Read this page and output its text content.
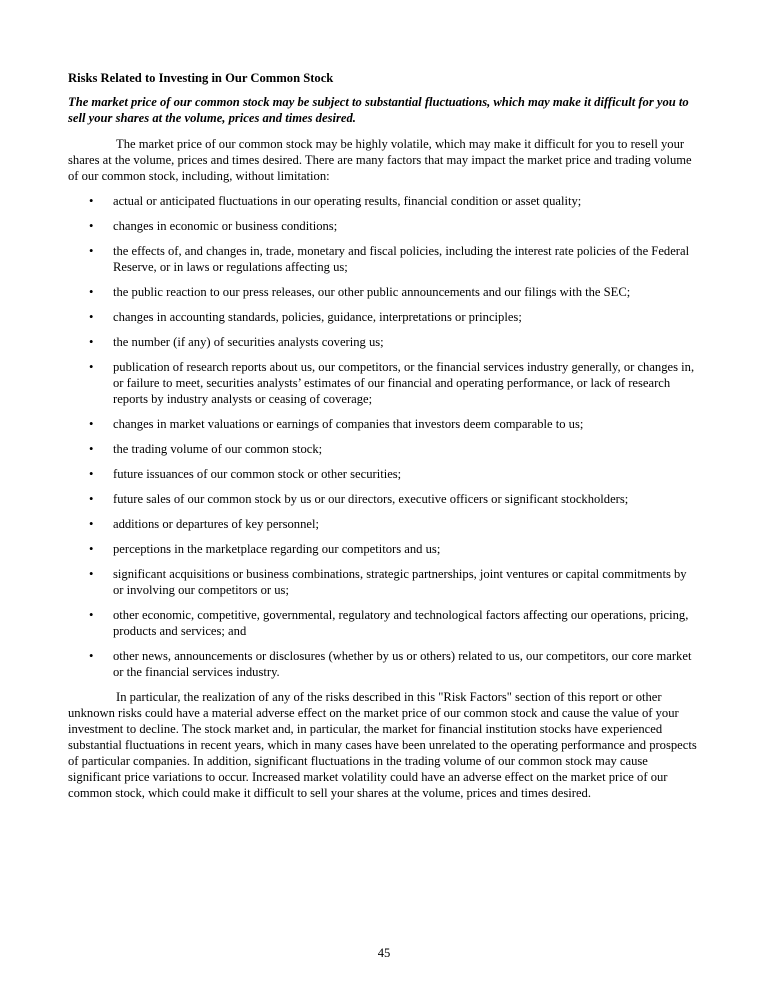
Risks Related to Investing in Our Common Stock

The market price of our common stock may be subject to substantial fluctuations, which may make it difficult for you to sell your shares at the volume, prices and times desired.

The market price of our common stock may be highly volatile, which may make it difficult for you to resell your shares at the volume, prices and times desired. There are many factors that may impact the market price and trading volume of our common stock, including, without limitation:

• actual or anticipated fluctuations in our operating results, financial condition or asset quality;
• changes in economic or business conditions;
• the effects of, and changes in, trade, monetary and fiscal policies, including the interest rate policies of the Federal Reserve, or in laws or regulations affecting us;
• the public reaction to our press releases, our other public announcements and our filings with the SEC;
• changes in accounting standards, policies, guidance, interpretations or principles;
• the number (if any) of securities analysts covering us;
• publication of research reports about us, our competitors, or the financial services industry generally, or changes in, or failure to meet, securities analysts’ estimates of our financial and operating performance, or lack of research reports by industry analysts or ceasing of coverage;
• changes in market valuations or earnings of companies that investors deem comparable to us;
• the trading volume of our common stock;
• future issuances of our common stock or other securities;
• future sales of our common stock by us or our directors, executive officers or significant stockholders;
• additions or departures of key personnel;
• perceptions in the marketplace regarding our competitors and us;
• significant acquisitions or business combinations, strategic partnerships, joint ventures or capital commitments by or involving our competitors or us;
• other economic, competitive, governmental, regulatory and technological factors affecting our operations, pricing, products and services; and
• other news, announcements or disclosures (whether by us or others) related to us, our competitors, our core market or the financial services industry.

In particular, the realization of any of the risks described in this "Risk Factors" section of this report or other unknown risks could have a material adverse effect on the market price of our common stock and cause the value of your investment to decline. The stock market and, in particular, the market for financial institution stocks have experienced substantial fluctuations in recent years, which in many cases have been unrelated to the operating performance and prospects of particular companies. In addition, significant fluctuations in the trading volume of our common stock may cause significant price variations to occur. Increased market volatility could have an adverse effect on the market price of our common stock, which could make it difficult to sell your shares at the volume, prices and times desired.

45
